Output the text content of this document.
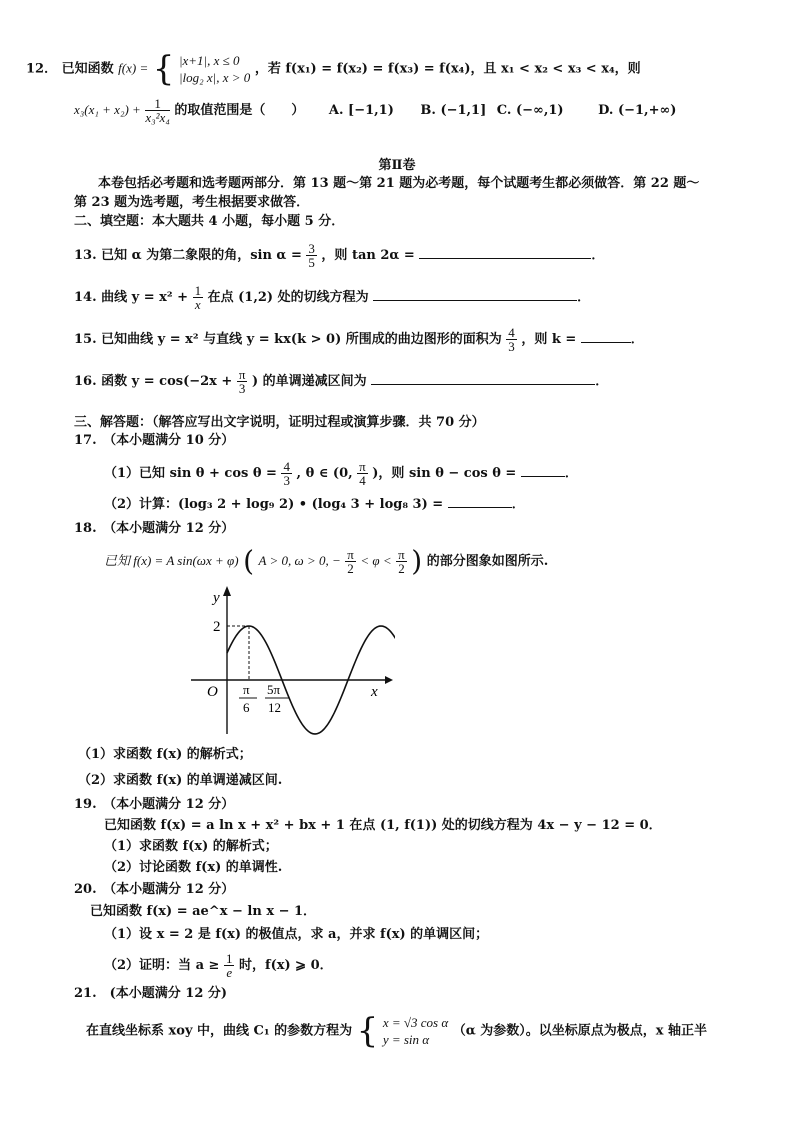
12． 已知函数 f(x) = { |x+1|, x ≤ 0
|log₂ x|, x > 0
，若 f(x₁) = f(x₂) = f(x₃) = f(x₄)，且 x₁ < x₂ < x₃ < x₄，则
$x_3(x_1 + x_2) + \frac{1}{\text{x₃²x₄}}$ 的取值范围是（　　） A. [−1,1) B. (−1,1] C. (−∞,1)	D. (−1,+∞)
第Ⅱ卷
本卷包括必考题和选考题两部分．第 13 题～第 21 题为必考题，每个试题考生都必须做答．第 22 题～
第 23 题为选考题，考生根据要求做答．
二、填空题：本大题共 4 小题，每小题 5 分．
13. 已知 α 为第二象限的角，$\sin \alpha = \frac{3}{5}$ ，则 tan 2α =	．
14. 曲线 $y = x^2 + \frac{1}{x}$ 在点 (1,2) 处的切线方程为	．
15. 已知曲线 y = x² 与直线 y = kx(k > 0) 所围成的曲边图形的面积为 $\frac{4}{3}$ ，则 k =	．
16. 函数 $y = \cos(-2x + \frac{\pi}{3}$ ) 的单调递减区间为	．
三、解答题：（解答应写出文字说明，证明过程或演算步骤．共 70 分）
17.　（本小题满分 10 分）
（1）已知 $\sin \theta + \cos \theta = \frac{4}{3}$ , θ ∈ (0, $\frac{\pi}{4}$ )，则 sin θ − cos θ =	．
（2）计算：(log₃ 2 + log₉ 2) • (log₄ 3 + log₈ 3) =	．
18.　（本小题满分 12 分）
已知 f(x) = A sin(ωx + φ) ( A > 0, ω > 0, − $\frac{\pi}{2} < \varphi < \frac{\pi}{2}$ ) 的部分图象如图所示.
y
x
O
2
π
6
5π
12
（1）求函数 f(x) 的解析式；
（2）求函数 f(x) 的单调递减区间.
19.　（本小题满分 12 分）
已知函数 f(x) = a ln x + x² + bx + 1 在点 (1, f(1)) 处的切线方程为 4x − y − 12 = 0．
（1）求函数 f(x) 的解析式；
（2）讨论函数 f(x) 的单调性.
20.　（本小题满分 12 分）
已知函数 f(x) = ae^x − ln x − 1．
（1）设 x = 2 是 f(x) 的极值点，求 a，并求 f(x) 的单调区间；
（2）证明：当 $a \ge \frac{1}{e}$ 时，f(x) ⩾ 0．
21.　(本小题满分 12 分)
在直线坐标系 xoy 中，曲线 C₁ 的参数方程为 { x = √3 cos α
y = sin α
（α 为参数）。以坐标原点为极点，x 轴正半
